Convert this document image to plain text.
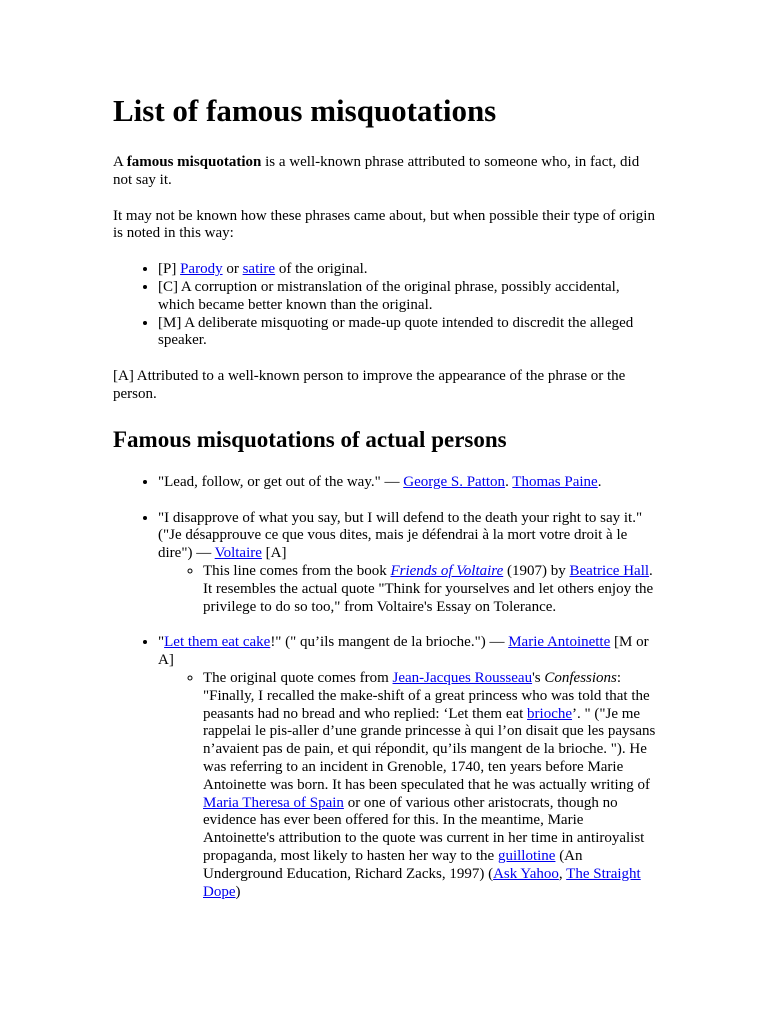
List of famous misquotations

A famous misquotation is a well-known phrase attributed to someone who, in fact, did not say it.

It may not be known how these phrases came about, but when possible their type of origin is noted in this way:

• [P] Parody or satire of the original.
• [C] A corruption or mistranslation of the original phrase, possibly accidental, which became better known than the original.
• [M] A deliberate misquoting or made-up quote intended to discredit the alleged speaker.

[A] Attributed to a well-known person to improve the appearance of the phrase or the person.

Famous misquotations of actual persons
• "Lead, follow, or get out of the way." — George S. Patton. Thomas Paine.
• "I disapprove of what you say, but I will defend to the death your right to say it." ("Je désapprouve ce que vous dites, mais je défendrai à la mort votre droit à le dire") — Voltaire [A]
◦ This line comes from the book Friends of Voltaire (1907) by Beatrice Hall. It resembles the actual quote "Think for yourselves and let others enjoy the privilege to do so too," from Voltaire's Essay on Tolerance.
• "Let them eat cake!" (" qu’ils mangent de la brioche.") — Marie Antoinette [M or A]
◦ The original quote comes from Jean-Jacques Rousseau's Confessions: "Finally, I recalled the make-shift of a great princess who was told that the peasants had no bread and who replied: ‘Let them eat brioche’. " ("Je me rappelai le pis-aller d’une grande princesse à qui l’on disait que les paysans n’avaient pas de pain, et qui répondit, qu’ils mangent de la brioche. "). He was referring to an incident in Grenoble, 1740, ten years before Marie Antoinette was born. It has been speculated that he was actually writing of Maria Theresa of Spain or one of various other aristocrats, though no evidence has ever been offered for this. In the meantime, Marie Antoinette's attribution to the quote was current in her time in antiroyalist propaganda, most likely to hasten her way to the guillotine (An Underground Education, Richard Zacks, 1997) (Ask Yahoo, The Straight Dope)
